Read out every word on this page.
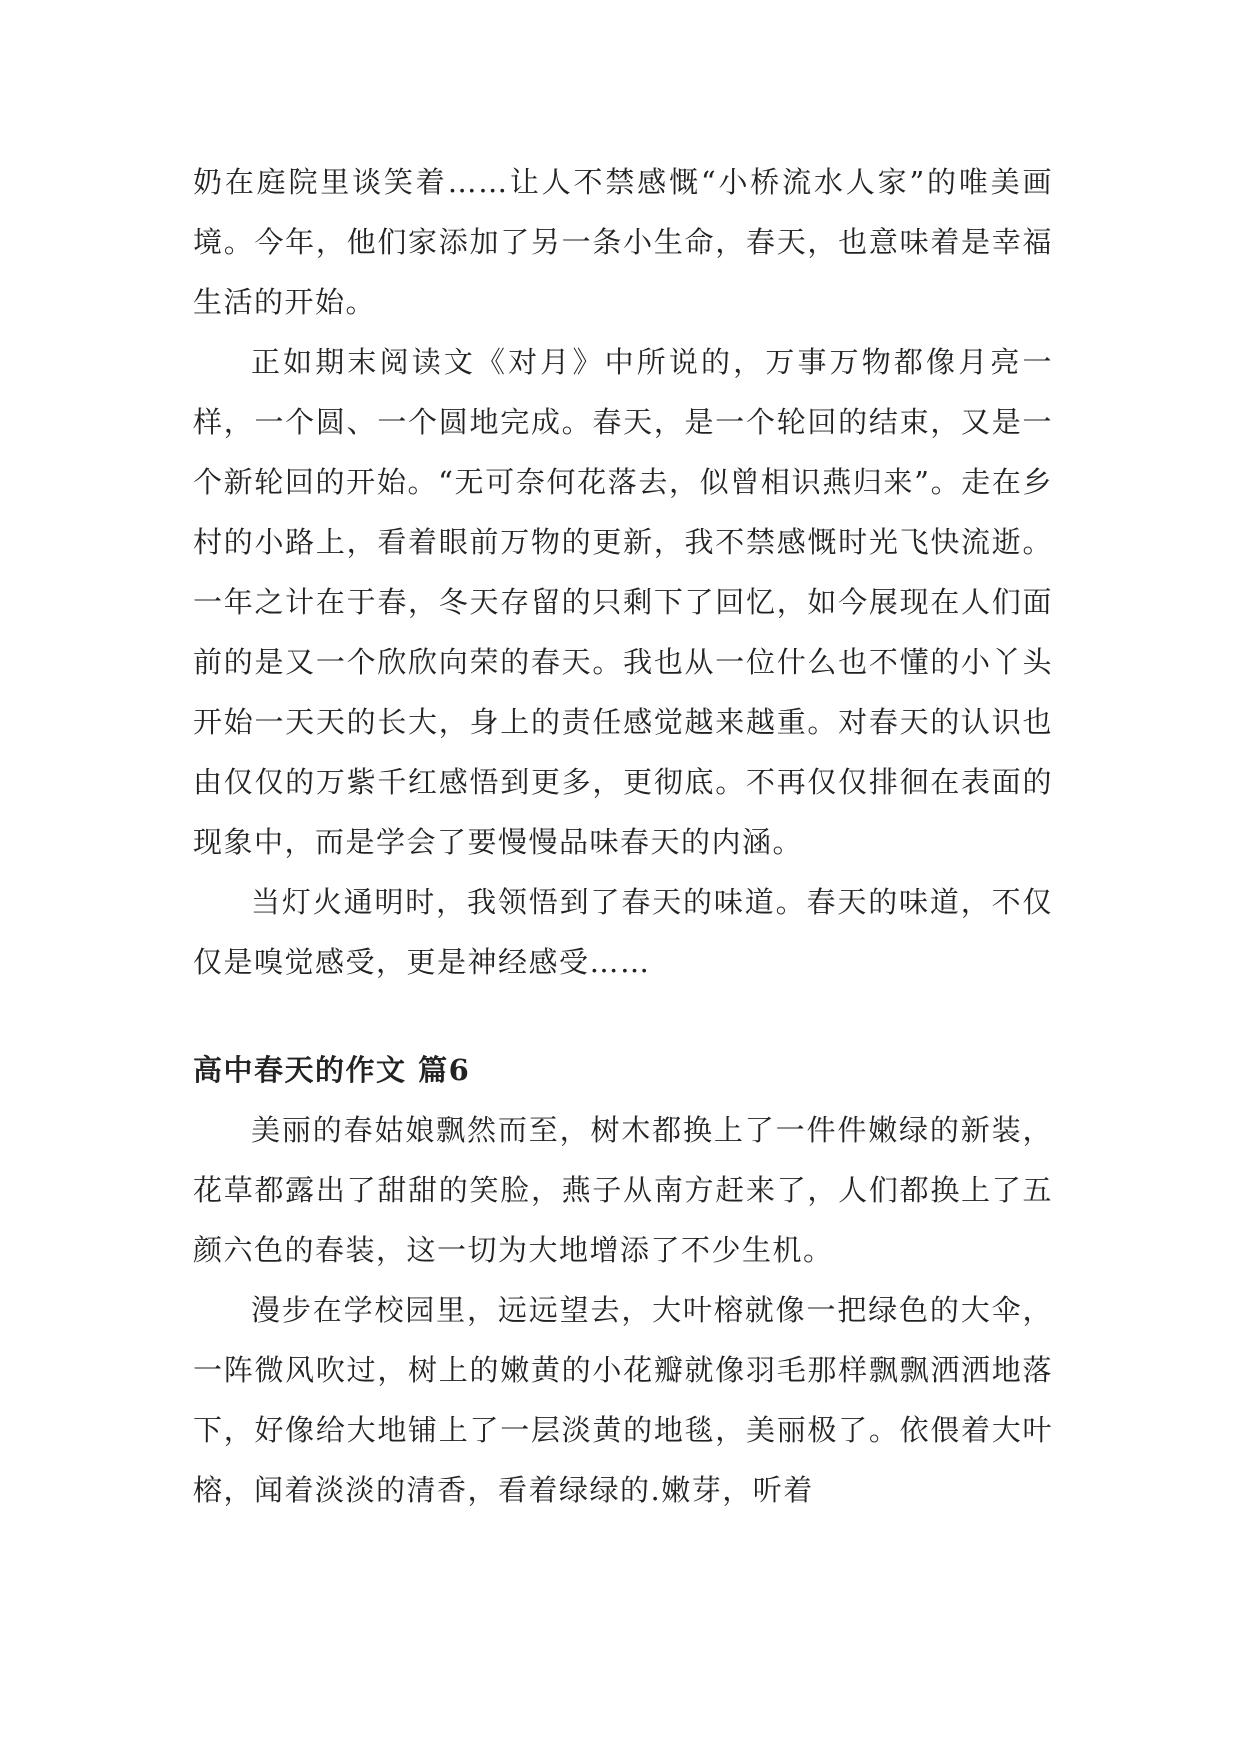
奶在庭院里谈笑着……让人不禁感慨“小桥流水人家”的唯美画境。今年，他们家添加了另一条小生命，春天，也意味着是幸福生活的开始。

正如期末阅读文《对月》中所说的，万事万物都像月亮一样，一个圆、一个圆地完成。春天，是一个轮回的结束，又是一个新轮回的开始。“无可奈何花落去，似曾相识燕归来”。走在乡村的小路上，看着眼前万物的更新，我不禁感慨时光飞快流逝。一年之计在于春，冬天存留的只剩下了回忆，如今展现在人们面前的是又一个欣欣向荣的春天。我也从一位什么也不懂的小丫头开始一天天的长大，身上的责任感觉越来越重。对春天的认识也由仅仅的万紫千红感悟到更多，更彻底。不再仅仅排徊在表面的现象中，而是学会了要慢慢品味春天的内涵。

当灯火通明时，我领悟到了春天的味道。春天的味道，不仅仅是嗅觉感受，更是神经感受……

高中春天的作文 篇6

美丽的春姑娘飘然而至，树木都换上了一件件嫩绿的新装，花草都露出了甜甜的笑脸，燕子从南方赶来了，人们都换上了五颜六色的春装，这一切为大地增添了不少生机。

漫步在学校园里，远远望去，大叶榕就像一把绿色的大伞，一阵微风吹过，树上的嫩黄的小花瓣就像羽毛那样飘飘洒洒地落下，好像给大地铺上了一层淡黄的地毯，美丽极了。依偎着大叶榕，闻着淡淡的清香，看着绿绿的.嫩芽，听着
